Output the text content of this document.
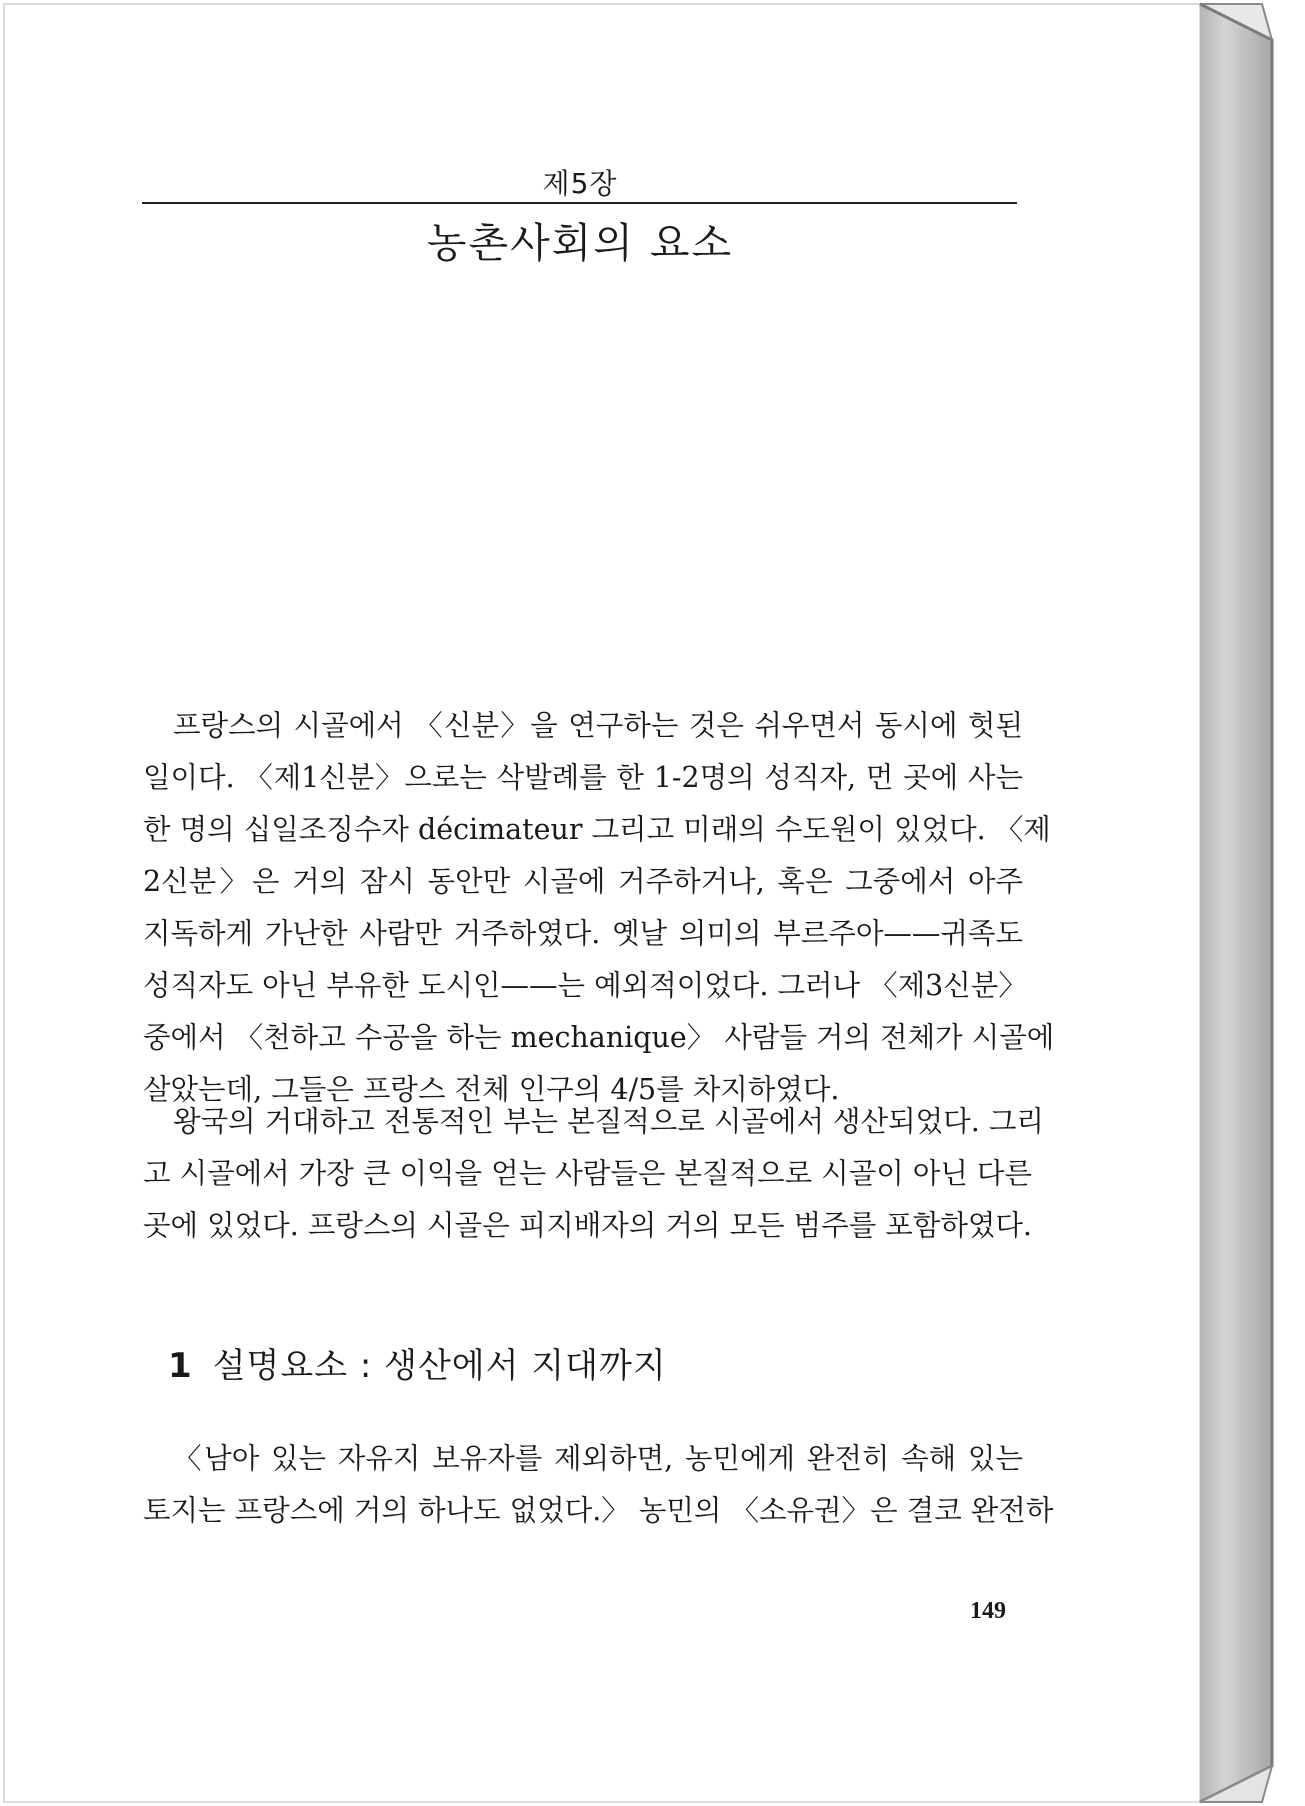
제5장
농촌사회의 요소
프랑스의 시골에서 〈신분〉을 연구하는 것은 쉬우면서 동시에 헛된
일이다. 〈제1신분〉으로는 삭발례를 한 1-2명의 성직자, 먼 곳에 사는
한 명의 십일조징수자 décimateur 그리고 미래의 수도원이 있었다. 〈제
2신분〉은 거의 잠시 동안만 시골에 거주하거나, 혹은 그중에서 아주
지독하게 가난한 사람만 거주하였다. 옛날 의미의 부르주아——귀족도
성직자도 아닌 부유한 도시인——는 예외적이었다. 그러나 〈제3신분〉
중에서 〈천하고 수공을 하는 mechanique〉 사람들 거의 전체가 시골에
살았는데, 그들은 프랑스 전체 인구의 4/5를 차지하였다.
왕국의 거대하고 전통적인 부는 본질적으로 시골에서 생산되었다. 그리
고 시골에서 가장 큰 이익을 얻는 사람들은 본질적으로 시골이 아닌 다른
곳에 있었다. 프랑스의 시골은 피지배자의 거의 모든 범주를 포함하였다.
1 설명요소 : 생산에서 지대까지
〈남아 있는 자유지 보유자를 제외하면, 농민에게 완전히 속해 있는
토지는 프랑스에 거의 하나도 없었다.〉 농민의 〈소유권〉은 결코 완전하
149
